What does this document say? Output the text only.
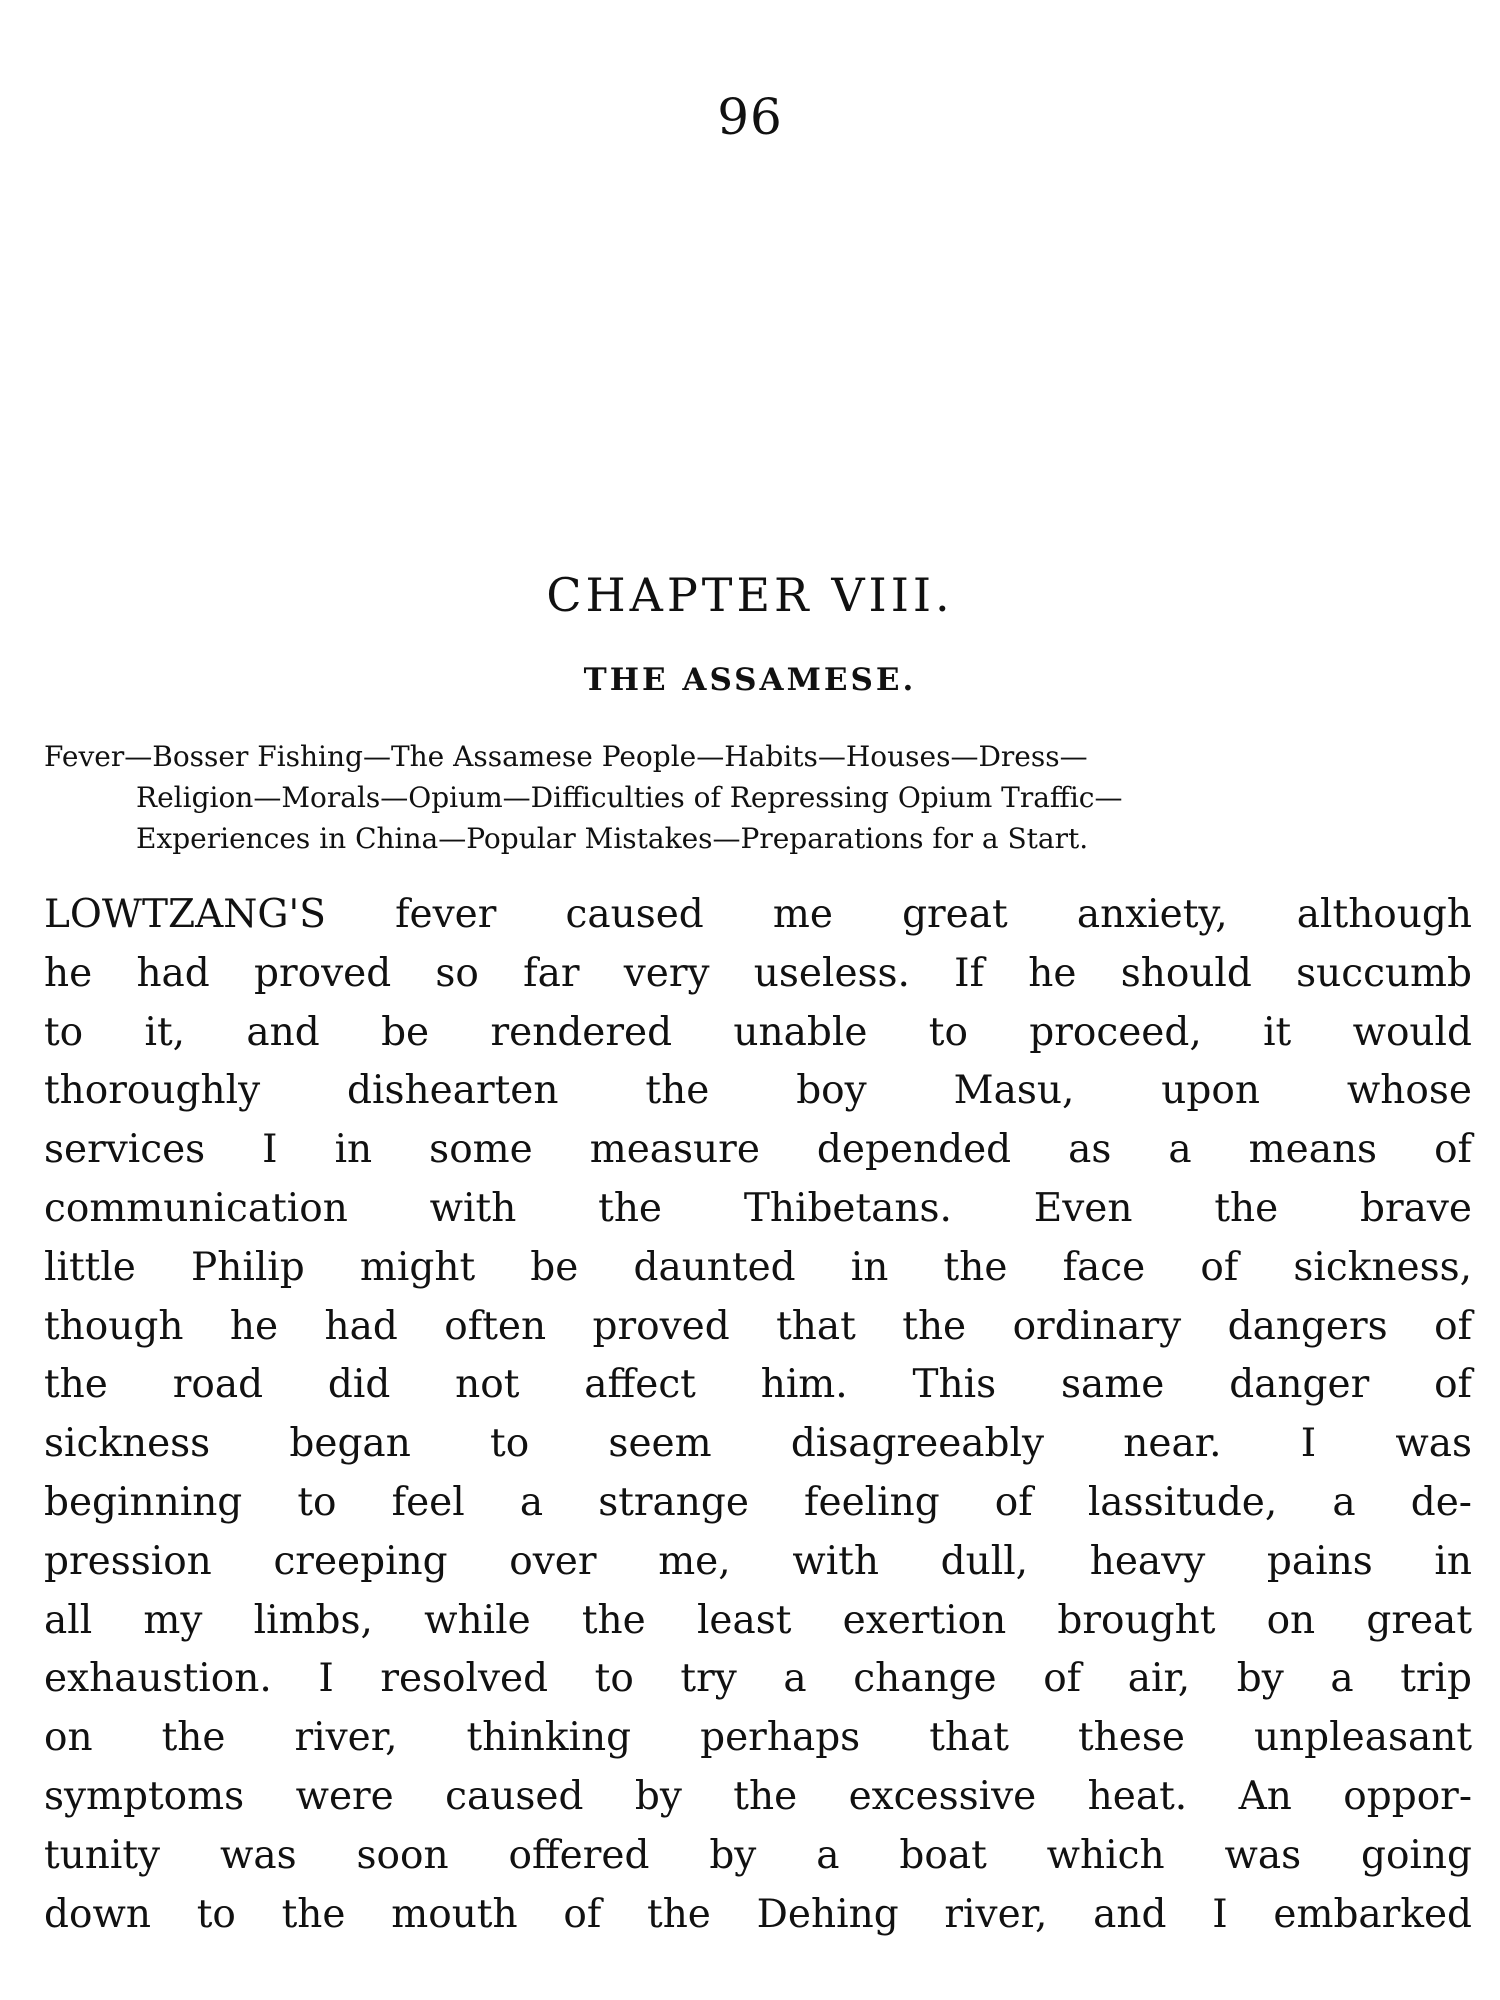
96
CHAPTER VIII.
THE ASSAMESE.
Fever—Bosser Fishing—The Assamese People—Habits—Houses—Dress—
Religion—Morals—Opium—Difficulties of Repressing Opium Traffic—
Experiences in China—Popular Mistakes—Preparations for a Start.
LOWTZANG'S fever caused me great anxiety, although
he had proved so far very useless. If he should succumb
to it, and be rendered unable to proceed, it would
thoroughly dishearten the boy Masu, upon whose
services I in some measure depended as a means of
communication with the Thibetans. Even the brave
little Philip might be daunted in the face of sickness,
though he had often proved that the ordinary dangers of
the road did not affect him. This same danger of
sickness began to seem disagreeably near. I was
beginning to feel a strange feeling of lassitude, a de-
pression creeping over me, with dull, heavy pains in
all my limbs, while the least exertion brought on great
exhaustion. I resolved to try a change of air, by a trip
on the river, thinking perhaps that these unpleasant
symptoms were caused by the excessive heat. An oppor-
tunity was soon offered by a boat which was going
down to the mouth of the Dehing river, and I embarked
